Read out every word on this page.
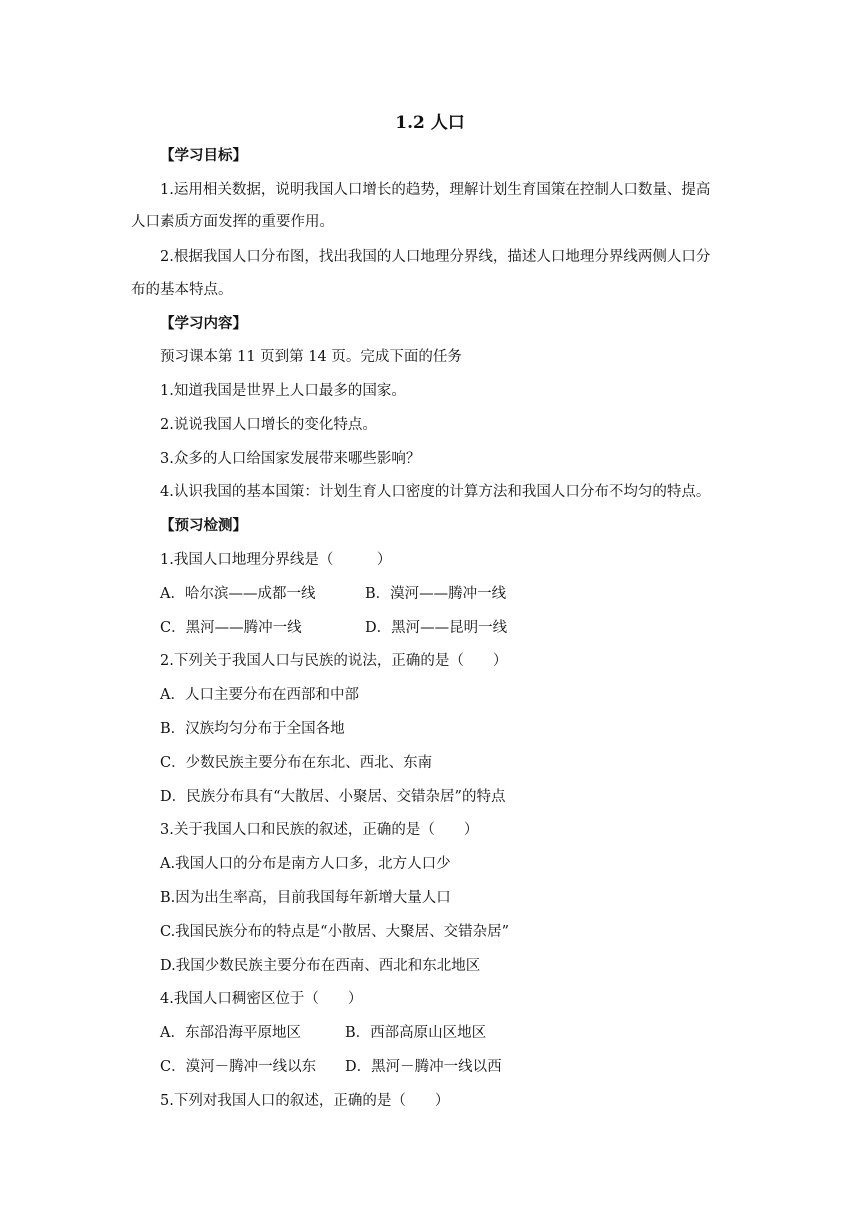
1.2 人口
【学习目标】
1.运用相关数据，说明我国人口增长的趋势，理解计划生育国策在控制人口数量、提高
人口素质方面发挥的重要作用。
2.根据我国人口分布图，找出我国的人口地理分界线，描述人口地理分界线两侧人口分
布的基本特点。
【学习内容】
预习课本第 11 页到第 14 页。完成下面的任务
1.知道我国是世界上人口最多的国家。
2.说说我国人口增长的变化特点。
3.众多的人口给国家发展带来哪些影响？
4.认识我国的基本国策：计划生育人口密度的计算方法和我国人口分布不均匀的特点。
【预习检测】
1.我国人口地理分界线是（　　　）
A．哈尔滨——成都一线	B．漠河——腾冲一线
C．黑河——腾冲一线	D．黑河——昆明一线
2.下列关于我国人口与民族的说法，正确的是（　　）
A．人口主要分布在西部和中部
B．汉族均匀分布于全国各地
C．少数民族主要分布在东北、西北、东南
D．民族分布具有“大散居、小聚居、交错杂居”的特点
3.关于我国人口和民族的叙述，正确的是（　　）
A.我国人口的分布是南方人口多，北方人口少
B.因为出生率高，目前我国每年新增大量人口
C.我国民族分布的特点是“小散居、大聚居、交错杂居”
D.我国少数民族主要分布在西南、西北和东北地区
4.我国人口稠密区位于（　　）
A．东部沿海平原地区	B．西部高原山区地区
C．漠河－腾冲一线以东 D．黑河－腾冲一线以西
5.下列对我国人口的叙述，正确的是（　　）
